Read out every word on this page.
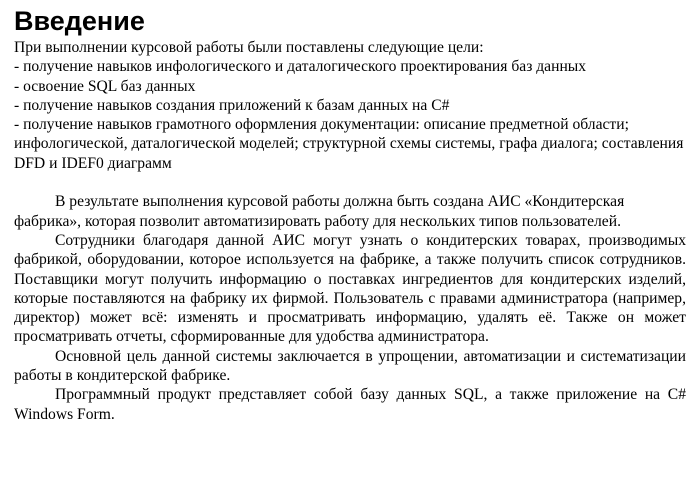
Введение

При выполнении курсовой работы были поставлены следующие цели:

- получение навыков инфологического и даталогического проектирования баз данных

- освоение SQL баз данных

- получение навыков создания приложений к базам данных на C#

- получение навыков грамотного оформления документации: описание предметной области; инфологической, даталогической моделей; структурной схемы системы, графа диалога; составления DFD и IDEF0 диаграмм

В результате выполнения курсовой работы должна быть создана АИС «Кондитерская фабрика», которая позволит автоматизировать работу для нескольких типов пользователей.

Сотрудники благодаря данной АИС могут узнать о кондитерских товарах, производимых фабрикой, оборудовании, которое используется на фабрике, а также получить список сотрудников. Поставщики могут получить информацию о поставках ингредиентов для кондитерских изделий, которые поставляются на фабрику их фирмой. Пользователь с правами администратора (например, директор) может всё: изменять и просматривать информацию, удалять её. Также он может просматривать отчеты, сформированные для удобства администратора.

Основной цель данной системы заключается в упрощении, автоматизации и систематизации работы в кондитерской фабрике.

Программный продукт представляет собой базу данных SQL, а также приложение на C# Windows Form.
